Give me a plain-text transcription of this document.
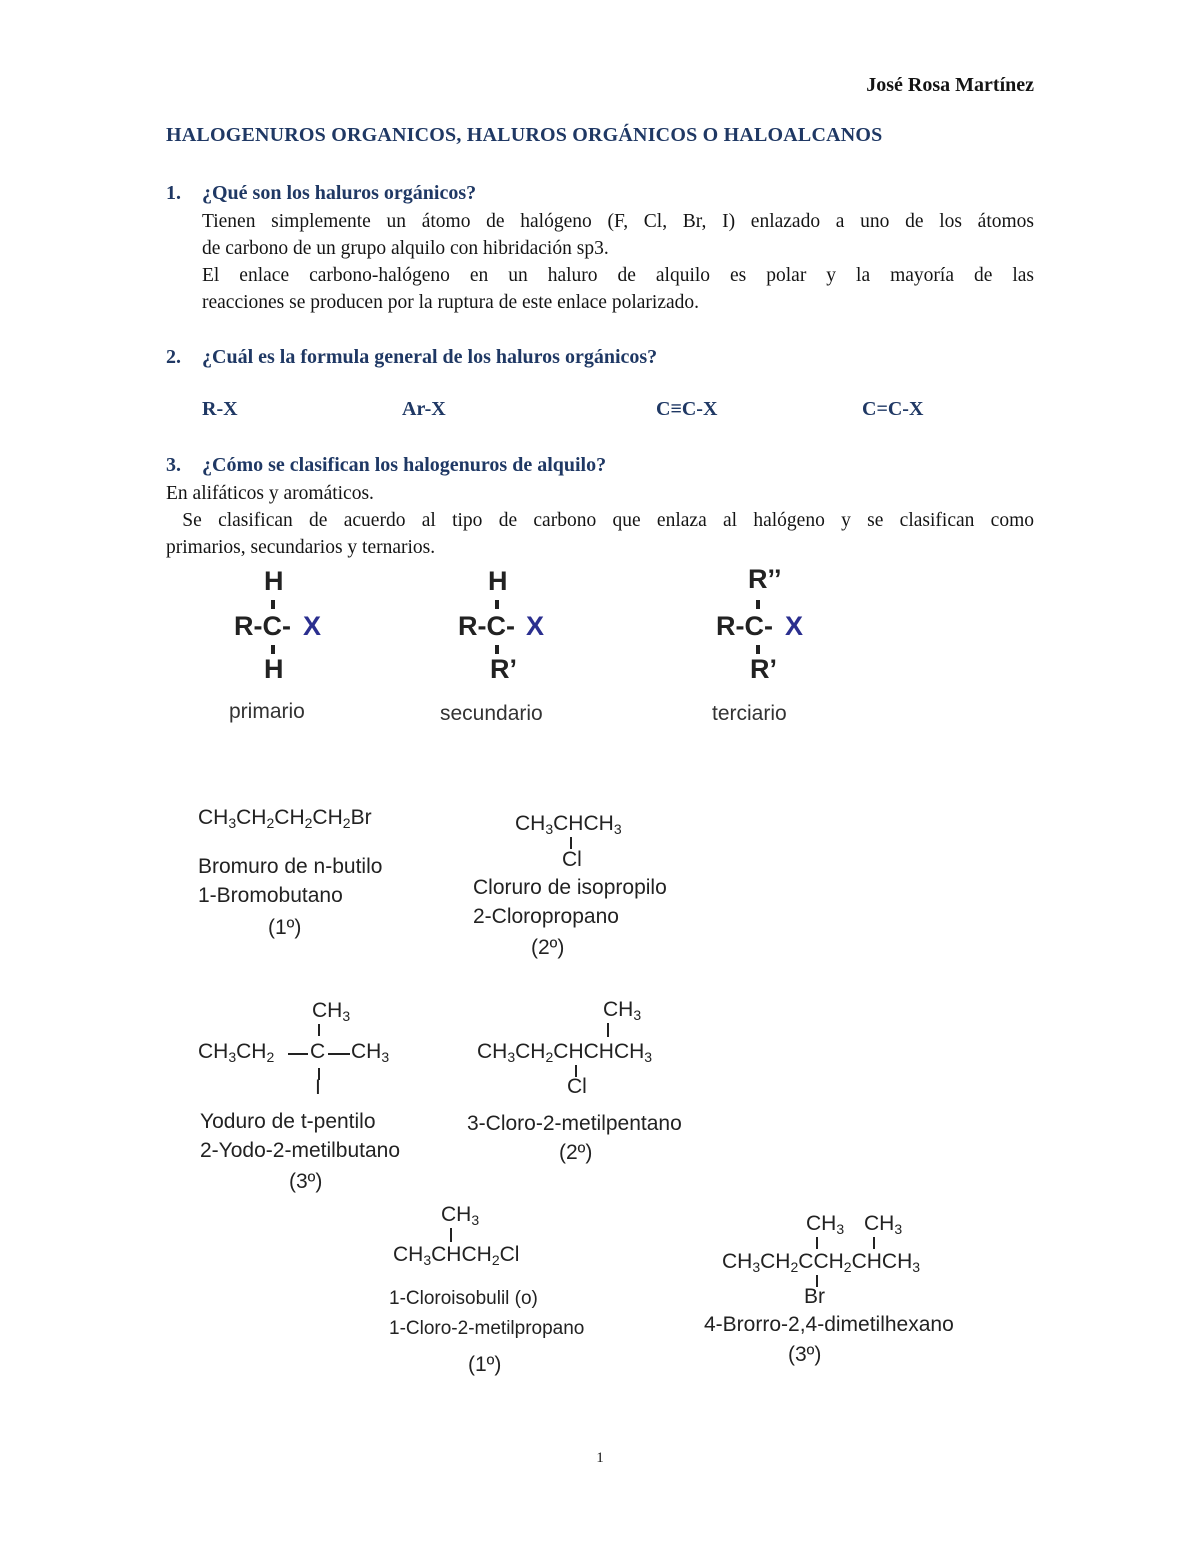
José Rosa Martínez
HALOGENUROS ORGANICOS, HALUROS ORGÁNICOS O HALOALCANOS
1. ¿Qué son los haluros orgánicos?
Tienen simplemente un átomo de halógeno (F, Cl, Br, I) enlazado a uno de los átomos
de carbono de un grupo alquilo con hibridación sp3.
El enlace carbono-halógeno en un haluro de alquilo es polar y la mayoría de las
reacciones se producen por la ruptura de este enlace polarizado.
2. ¿Cuál es la formula general de los haluros orgánicos?
R-X	Ar-X	C≡C-X	C=C-X
3. ¿Cómo se clasifican los halogenuros de alquilo?
En alifáticos y aromáticos.
Se clasifican de acuerdo al tipo de carbono que enlaza al halógeno y se clasifican como
primarios, secundarios y ternarios.
H
R-C- X
H
primario
H
R-C- X
R’
secundario
R’’
R-C- X
R’
terciario
$CH_3CH_2CH_2CH_2Br$
Bromuro de n-butilo
1-Bromobutano
(1º)
$CH_3CHCH_3$
Cl
Cloruro de isopropilo
2-Cloropropano
(2º)
$CH_3$
$CH_3CH_2$ C $CH_3$
I
Yoduro de t-pentilo
2-Yodo-2-metilbutano
(3º)
$CH_3$
$CH_3CH_2CHCHCH_3$
Cl
3-Cloro-2-metilpentano
(2º)
$CH_3$
$CH_3CHCH_2Cl$
1-Cloroisobulil (o)
1-Cloro-2-metilpropano
(1º)
$CH_3$ $CH_3$
$CH_3CH_2CCH_2CHCH_3$
Br
4-Brorro-2,4-dimetilhexano
(3º)
1
